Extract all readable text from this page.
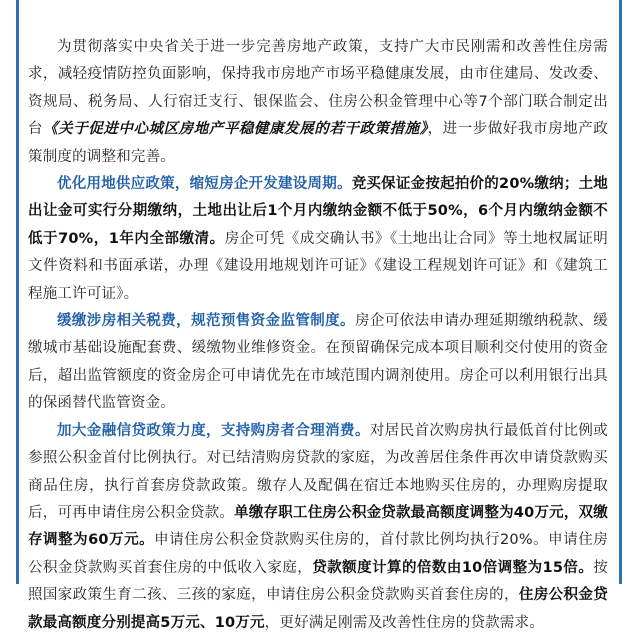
为贯彻落实中央省关于进一步完善房地产政策，支持广大市民刚需和改善性住房需求，减轻疫情防控负面影响，保持我市房地产市场平稳健康发展，由市住建局、发改委、资规局、税务局、人行宿迁支行、银保监会、住房公积金管理中心等7个部门联合制定出台《关于促进中心城区房地产平稳健康发展的若干政策措施》，进一步做好我市房地产政策制度的调整和完善。

优化用地供应政策，缩短房企开发建设周期。竞买保证金按起拍价的20%缴纳；土地出让金可实行分期缴纳，土地出让后1个月内缴纳金额不低于50%，6个月内缴纳金额不低于70%，1年内全部缴清。房企可凭《成交确认书》《土地出让合同》等土地权属证明文件资料和书面承诺，办理《建设用地规划许可证》《建设工程规划许可证》和《建筑工程施工许可证》。

缓缴涉房相关税费，规范预售资金监管制度。房企可依法申请办理延期缴纳税款、缓缴城市基础设施配套费、缓缴物业维修资金。在预留确保完成本项目顺利交付使用的资金后，超出监管额度的资金房企可申请优先在市域范围内调剂使用。房企可以利用银行出具的保函替代监管资金。

加大金融信贷政策力度，支持购房者合理消费。对居民首次购房执行最低首付比例或参照公积金首付比例执行。对已结清购房贷款的家庭，为改善居住条件再次申请贷款购买商品住房，执行首套房贷款政策。缴存人及配偶在宿迁本地购买住房的，办理购房提取后，可再申请住房公积金贷款。单缴存职工住房公积金贷款最高额度调整为40万元，双缴存调整为60万元。申请住房公积金贷款购买住房的，首付款比例均执行20%。申请住房公积金贷款购买首套住房的中低收入家庭，贷款额度计算的倍数由10倍调整为15倍。按照国家政策生育二孩、三孩的家庭，申请住房公积金贷款购买首套住房的，住房公积金贷款最高额度分别提高5万元、10万元，更好满足刚需及改善性住房的贷款需求。
